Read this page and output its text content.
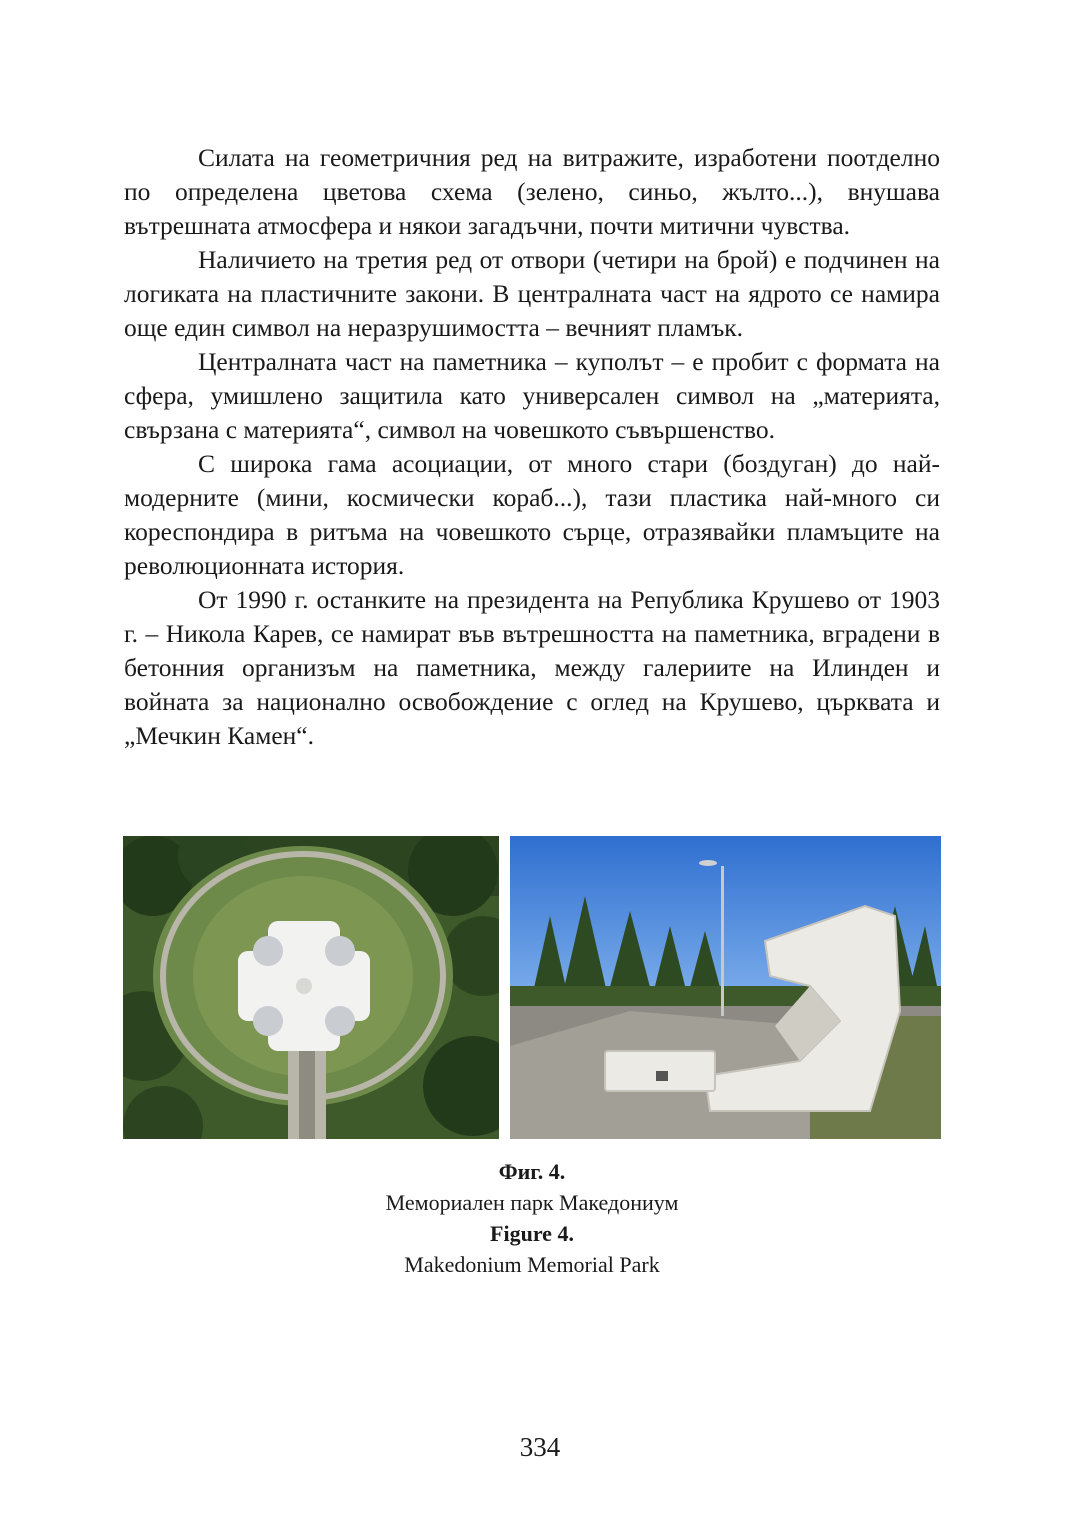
Силата на геометричния ред на витражите, изработени поотделно по определена цветова схема (зелено, синьо, жълто...), внушава вътрешната атмосфера и някои загадъчни, почти митични чувства.

Наличието на третия ред от отвори (четири на брой) е подчинен на логиката на пластичните закони. В централната част на ядрото се намира още един символ на неразрушимостта – вечният пламък.

Централната част на паметника – куполът – е пробит с формата на сфера, умишлено защитила като универсален символ на „материята, свързана с материята“, символ на човешкото съвършенство.

С широка гама асоциации, от много стари (боздуган) до най-модерните (мини, космически кораб...), тази пластика най-много си кореспондира в ритъма на човешкото сърце, отразявайки пламъците на революционната история.

От 1990 г. останките на президента на Република Крушево от 1903 г. – Никола Карев, се намират във вътрешността на паметника, вградени в бетонния организъм на паметника, между галериите на Илинден и войната за национално освобождение с оглед на Крушево, църквата и „Мечкин Камен“.

Фиг. 4.
Мемориален парк Македониум
Figure 4.
Makedonium Memorial Park
334
